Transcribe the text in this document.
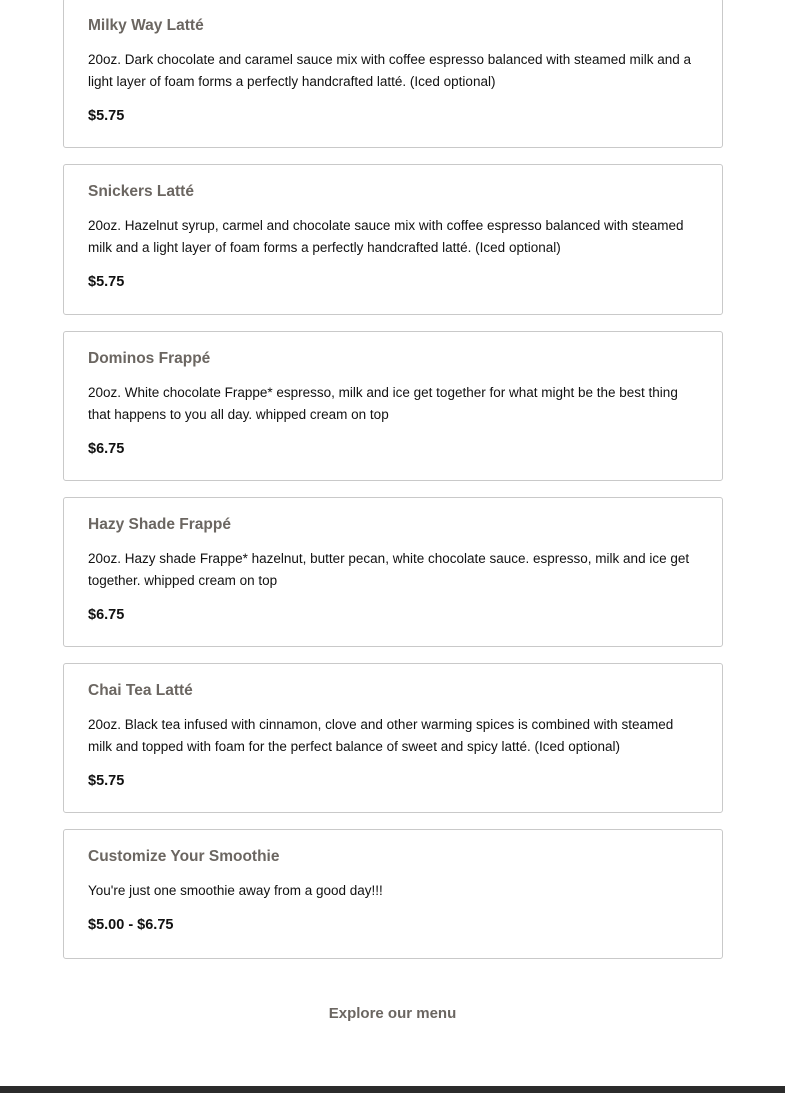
Milky Way Latté

20oz. Dark chocolate and caramel sauce mix with coffee espresso balanced with steamed milk and a light layer of foam forms a perfectly handcrafted latté. (Iced optional)

$5.75

Snickers Latté

20oz. Hazelnut syrup, carmel and chocolate sauce mix with coffee espresso balanced with steamed milk and a light layer of foam forms a perfectly handcrafted latté. (Iced optional)

$5.75

Dominos Frappé

20oz. White chocolate Frappe* espresso, milk and ice get together for what might be the best thing that happens to you all day. whipped cream on top

$6.75

Hazy Shade Frappé

20oz. Hazy shade Frappe* hazelnut, butter pecan, white chocolate sauce. espresso, milk and ice get together. whipped cream on top

$6.75

Chai Tea Latté

20oz. Black tea infused with cinnamon, clove and other warming spices is combined with steamed milk and topped with foam for the perfect balance of sweet and spicy latté. (Iced optional)

$5.75

Customize Your Smoothie

You're just one smoothie away from a good day!!!

$5.00 - $6.75

Explore our menu
